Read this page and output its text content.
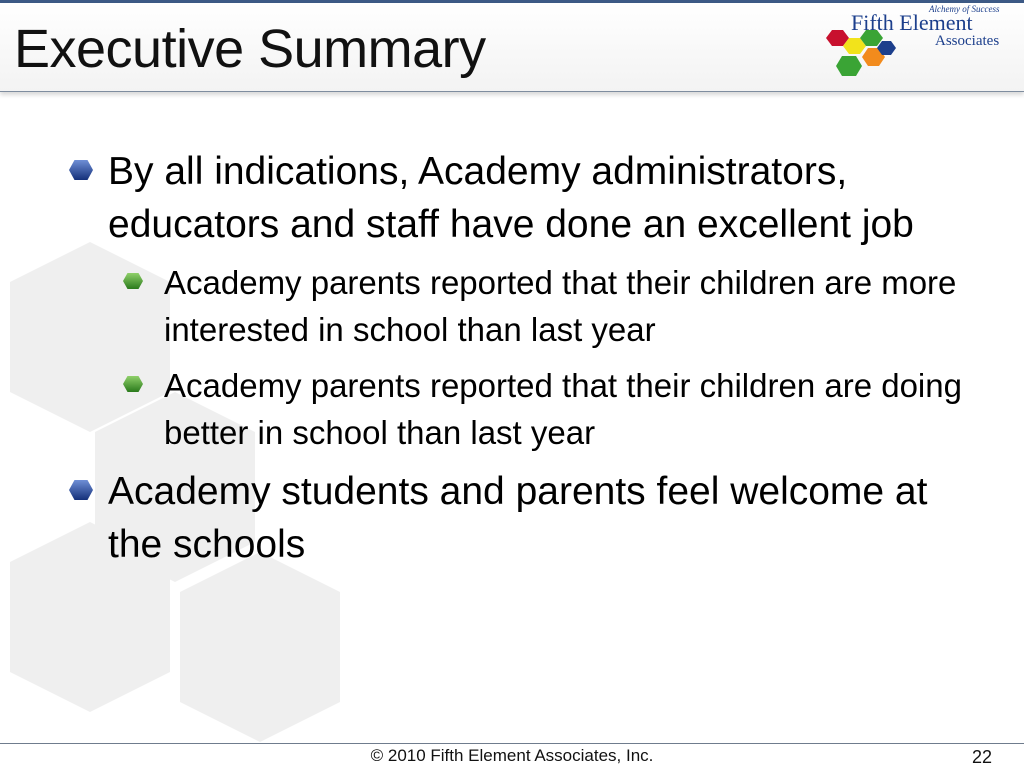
Executive Summary
Alchemy of Success
Fifth Element
Associates
By all indications, Academy administrators, educators and staff have done an excellent job
Academy parents reported that their children are more interested in school than last year
Academy parents reported that their children are doing better in school than last year
Academy students and parents feel welcome at the schools
© 2010 Fifth Element Associates, Inc.	22
